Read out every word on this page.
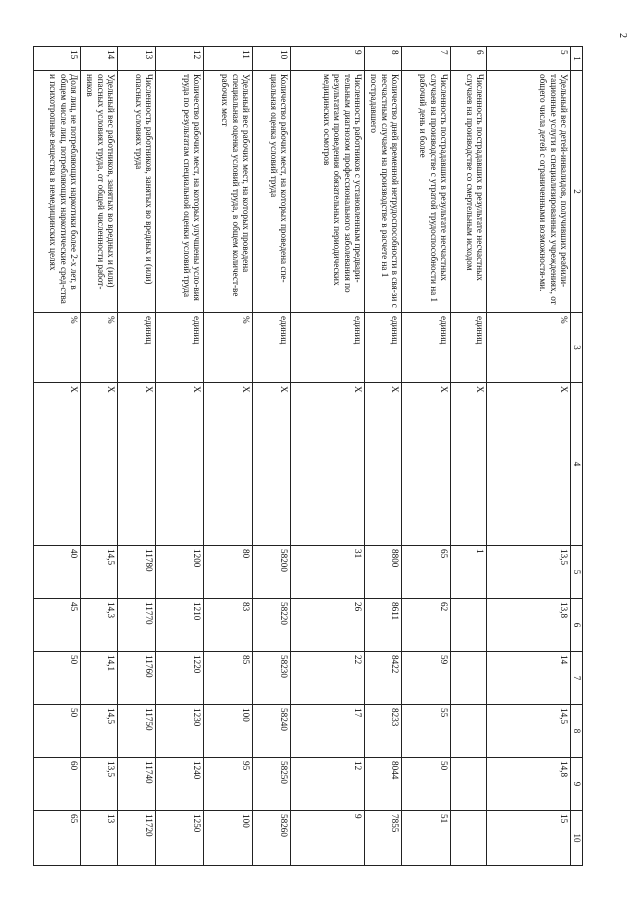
2
1	2	3	4	5	6	7	8	9	10
5	Удельный вес детей-инвалидов, получивших реабили-тационные услуги в специализированных учреждениях, от общего числа детей с ограниченными возможностя-ми.	%	X	13,5	13,8	14	14,5	14,8	15
6	Численность пострадавших в результате несчастных случаев на производстве со смертельным исходом	единиц	X	1					
7	Численность пострадавших в результате несчастных случаев на производстве с утратой трудоспособности на 1 рабочий день и более	единиц	X	65	62	59	55	50	51
8	Количество дней временной нетрудоспособности в свя-зи с несчастным случаем на производстве в расчете на 1 пострадавшего	единиц	X	8800	8611	8422	8233	8044	7855
9	Численность работников с установленным предвари-тельным диагнозом профессионального заболевания по результатам проведения обязательных периодических медицинских осмотров	единиц	X	31	26	22	17	12	9
10	Количество рабочих мест, на которых проведена спе-циальная оценка условий труда	единиц	X	58200	58220	58230	58240	58250	58260
11	Удельный вес рабочих мест, на которых проведена специальная оценка условий труда, в общем количест-ве рабочих мест	%	X	80	83	85	100	95	100
12	Количество рабочих мест, на которых улучшены усло-вия труда по результатам специальной оценки условий труда	единиц	X	1200	1210	1220	1230	1240	1250
13	Численность работников, занятых во вредных и (или) опасных условиях труда	единиц	X	11780	11770	11760	11750	11740	11720
14	Удельный вес работников, занятых во вредных и (или) опасных условиях труда, от общей численности работ-ников	%	X	14,5	14,3	14,1	14,5	13,5	13
15	Доля лиц, не потребляющих наркотики более 2-х лет, в общем числе лиц, потребляющих наркотические сред-ства и психотропные вещества в немедицинских целях	%	X	40	45	50	50	60	65
